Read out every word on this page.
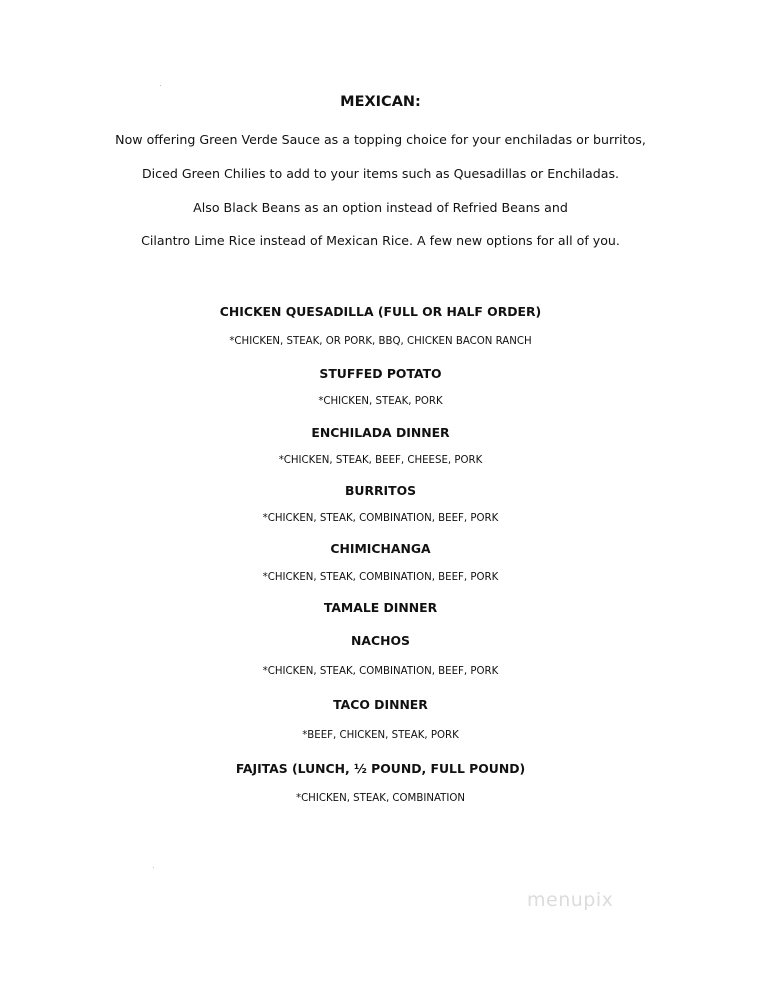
MEXICAN:
Now offering Green Verde Sauce as a topping choice for your enchiladas or burritos,
Diced Green Chilies to add to your items such as Quesadillas or Enchiladas.
Also Black Beans as an option instead of Refried Beans and
Cilantro Lime Rice instead of Mexican Rice. A few new options for all of you.
CHICKEN QUESADILLA (FULL OR HALF ORDER)
*CHICKEN, STEAK, OR PORK, BBQ, CHICKEN BACON RANCH
STUFFED POTATO
*CHICKEN, STEAK, PORK
ENCHILADA DINNER
*CHICKEN, STEAK, BEEF, CHEESE, PORK
BURRITOS
*CHICKEN, STEAK, COMBINATION, BEEF, PORK
CHIMICHANGA
*CHICKEN, STEAK, COMBINATION, BEEF, PORK
TAMALE DINNER
NACHOS
*CHICKEN, STEAK, COMBINATION, BEEF, PORK
TACO DINNER
*BEEF, CHICKEN, STEAK, PORK
FAJITAS (LUNCH, ½ POUND, FULL POUND)
*CHICKEN, STEAK, COMBINATION
menupix
